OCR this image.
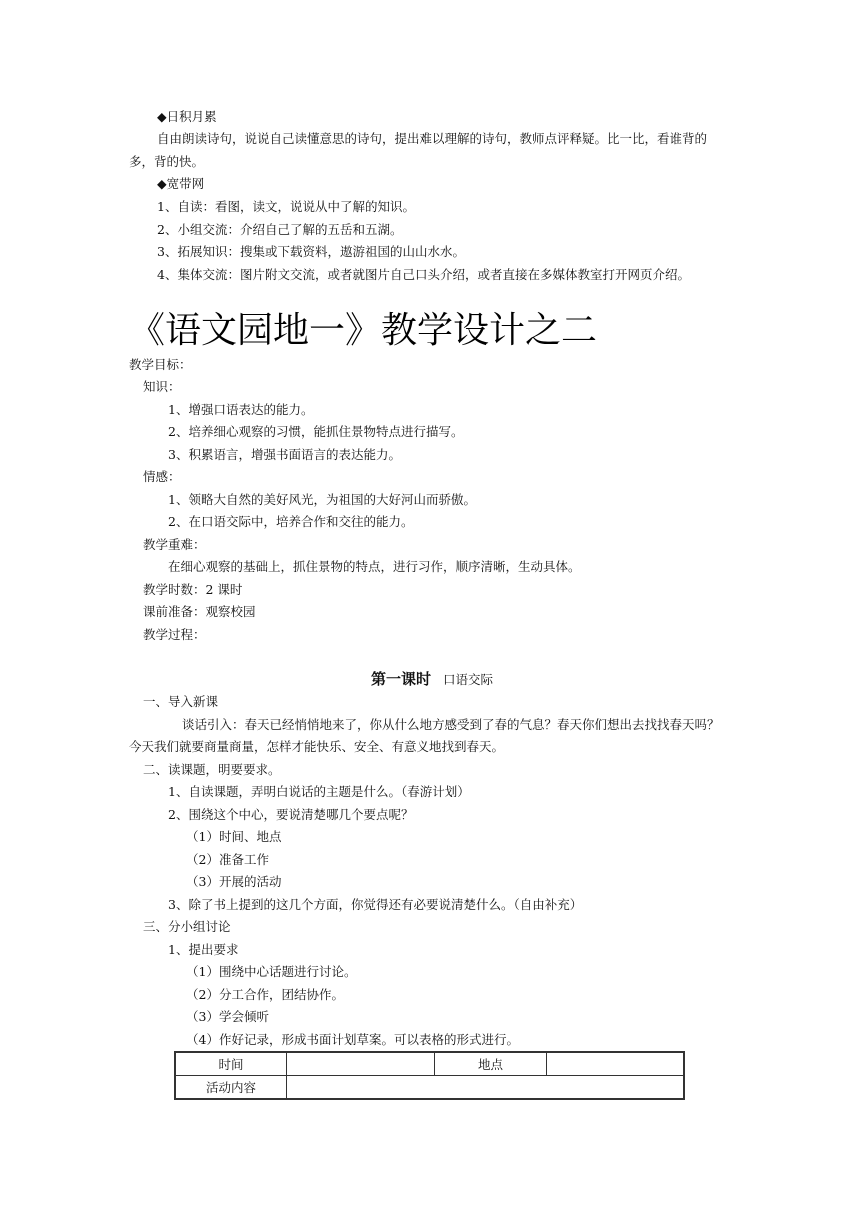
◆日积月累
自由朗读诗句，说说自己读懂意思的诗句，提出难以理解的诗句，教师点评释疑。比一比，看谁背的
多，背的快。
◆宽带网
1、自读：看图，读文，说说从中了解的知识。
2、小组交流：介绍自己了解的五岳和五湖。
3、拓展知识：搜集或下载资料，遨游祖国的山山水水。
4、集体交流：图片附文交流，或者就图片自己口头介绍，或者直接在多媒体教室打开网页介绍。
《语文园地一》教学设计之二
教学目标：
知识：
1、增强口语表达的能力。
2、培养细心观察的习惯，能抓住景物特点进行描写。
3、积累语言，增强书面语言的表达能力。
情感：
1、领略大自然的美好风光，为祖国的大好河山而骄傲。
2、在口语交际中，培养合作和交往的能力。
教学重难：
在细心观察的基础上，抓住景物的特点，进行习作，顺序清晰，生动具体。
教学时数：2 课时
课前准备：观察校园
教学过程：
第一课时 口语交际
一、导入新课
谈话引入：春天已经悄悄地来了，你从什么地方感受到了春的气息？春天你们想出去找找春天吗？
今天我们就要商量商量，怎样才能快乐、安全、有意义地找到春天。
二、读课题，明要要求。
1、自读课题，弄明白说话的主题是什么。（春游计划）
2、围绕这个中心，要说清楚哪几个要点呢？
（1）时间、地点
（2）准备工作
（3）开展的活动
3、除了书上提到的这几个方面，你觉得还有必要说清楚什么。（自由补充）
三、分小组讨论
1、提出要求
（1）围绕中心话题进行讨论。
（2）分工合作，团结协作。
（3）学会倾听
（4）作好记录，形成书面计划草案。可以表格的形式进行。
时间		地点	
活动内容			
